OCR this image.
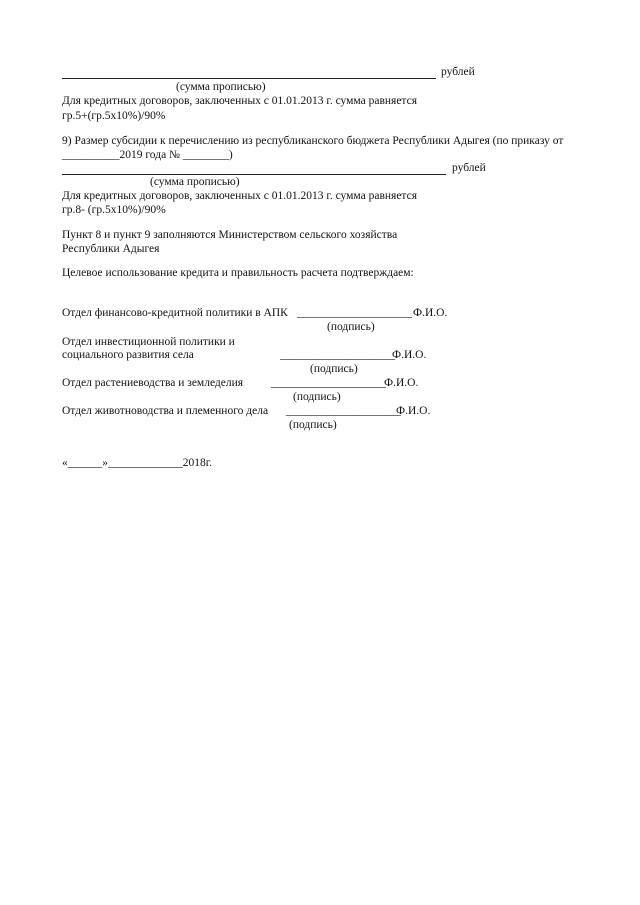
рублей
(сумма прописью)
Для кредитных договоров, заключенных с 01.01.2013 г. сумма равняется
гр.5+(гр.5х10%)/90%
9) Размер субсидии к перечислению из республиканского бюджета Республики Адыгея (по приказу от
__________2019 года № ________)
рублей
(сумма прописью)
Для кредитных договоров, заключенных с 01.01.2013 г. сумма равняется
гр.8- (гр.5х10%)/90%
Пункт 8 и пункт 9 заполняются Министерством сельского хозяйства
Республики Адыгея
Целевое использование кредита и правильность расчета подтверждаем:
Отдел финансово-кредитной политики в АПК ____________________ Ф.И.О.
(подпись)
Отдел инвестиционной политики и
социального развития села	____________________
Ф.И.О.
(подпись)
Отдел растениеводства и земледелия ____________________
Ф.И.О.
(подпись)
Отдел животноводства и племенного дела ____________________
Ф.И.О.
(подпись)
«______»_____________2018г.
